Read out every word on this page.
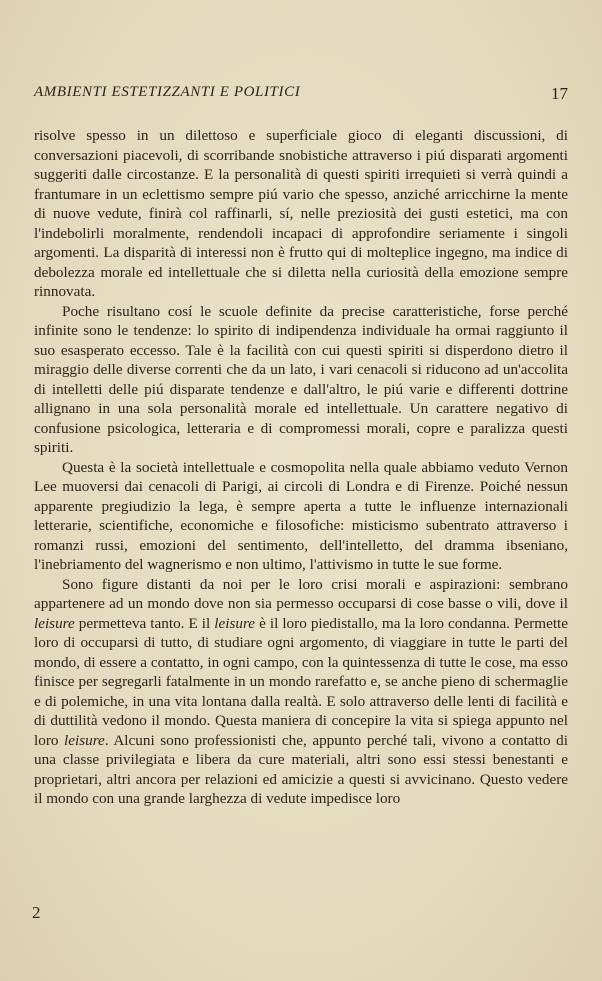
AMBIENTI ESTETIZZANTI E POLITICI	17

risolve spesso in un dilettoso e superficiale gioco di eleganti discussioni, di conversazioni piacevoli, di scorribande snobistiche attraverso i piú disparati argomenti suggeriti dalle circostanze. E la personalità di questi spiriti irrequieti si verrà quindi a frantumare in un eclettismo sempre piú vario che spesso, anziché arricchirne la mente di nuove vedute, finirà col raffinarli, sí, nelle preziosità dei gusti estetici, ma con l'indebolirli moralmente, rendendoli incapaci di approfondire seriamente i singoli argomenti. La disparità di interessi non è frutto qui di molteplice ingegno, ma indice di debolezza morale ed intellettuale che si diletta nella curiosità della emozione sempre rinnovata.

Poche risultano cosí le scuole definite da precise caratteristiche, forse perché infinite sono le tendenze: lo spirito di indipendenza individuale ha ormai raggiunto il suo esasperato eccesso. Tale è la facilità con cui questi spiriti si disperdono dietro il miraggio delle diverse correnti che da un lato, i vari cenacoli si riducono ad un'accolita di intelletti delle piú disparate tendenze e dall'altro, le piú varie e differenti dottrine allignano in una sola personalità morale ed intellettuale. Un carattere negativo di confusione psicologica, letteraria e di compromessi morali, copre e paralizza questi spiriti.

Questa è la società intellettuale e cosmopolita nella quale abbiamo veduto Vernon Lee muoversi dai cenacoli di Parigi, ai circoli di Londra e di Firenze. Poiché nessun apparente pregiudizio la lega, è sempre aperta a tutte le influenze internazionali letterarie, scientifiche, economiche e filosofiche: misticismo subentrato attraverso i romanzi russi, emozioni del sentimento, dell'intelletto, del dramma ibseniano, l'inebriamento del wagnerismo e non ultimo, l'attivismo in tutte le sue forme.

Sono figure distanti da noi per le loro crisi morali e aspirazioni: sembrano appartenere ad un mondo dove non sia permesso occuparsi di cose basse o vili, dove il leisure permetteva tanto. E il leisure è il loro piedistallo, ma la loro condanna. Permette loro di occuparsi di tutto, di studiare ogni argomento, di viaggiare in tutte le parti del mondo, di essere a contatto, in ogni campo, con la quintessenza di tutte le cose, ma esso finisce per segregarli fatalmente in un mondo rarefatto e, se anche pieno di schermaglie e di polemiche, in una vita lontana dalla realtà. E solo attraverso delle lenti di facilità e di duttilità vedono il mondo. Questa maniera di concepire la vita si spiega appunto nel loro leisure. Alcuni sono professionisti che, appunto perché tali, vivono a contatto di una classe privilegiata e libera da cure materiali, altri sono essi stessi benestanti e proprietari, altri ancora per relazioni ed amicizie a questi si avvicinano. Questo vedere il mondo con una grande larghezza di vedute impedisce loro

2
